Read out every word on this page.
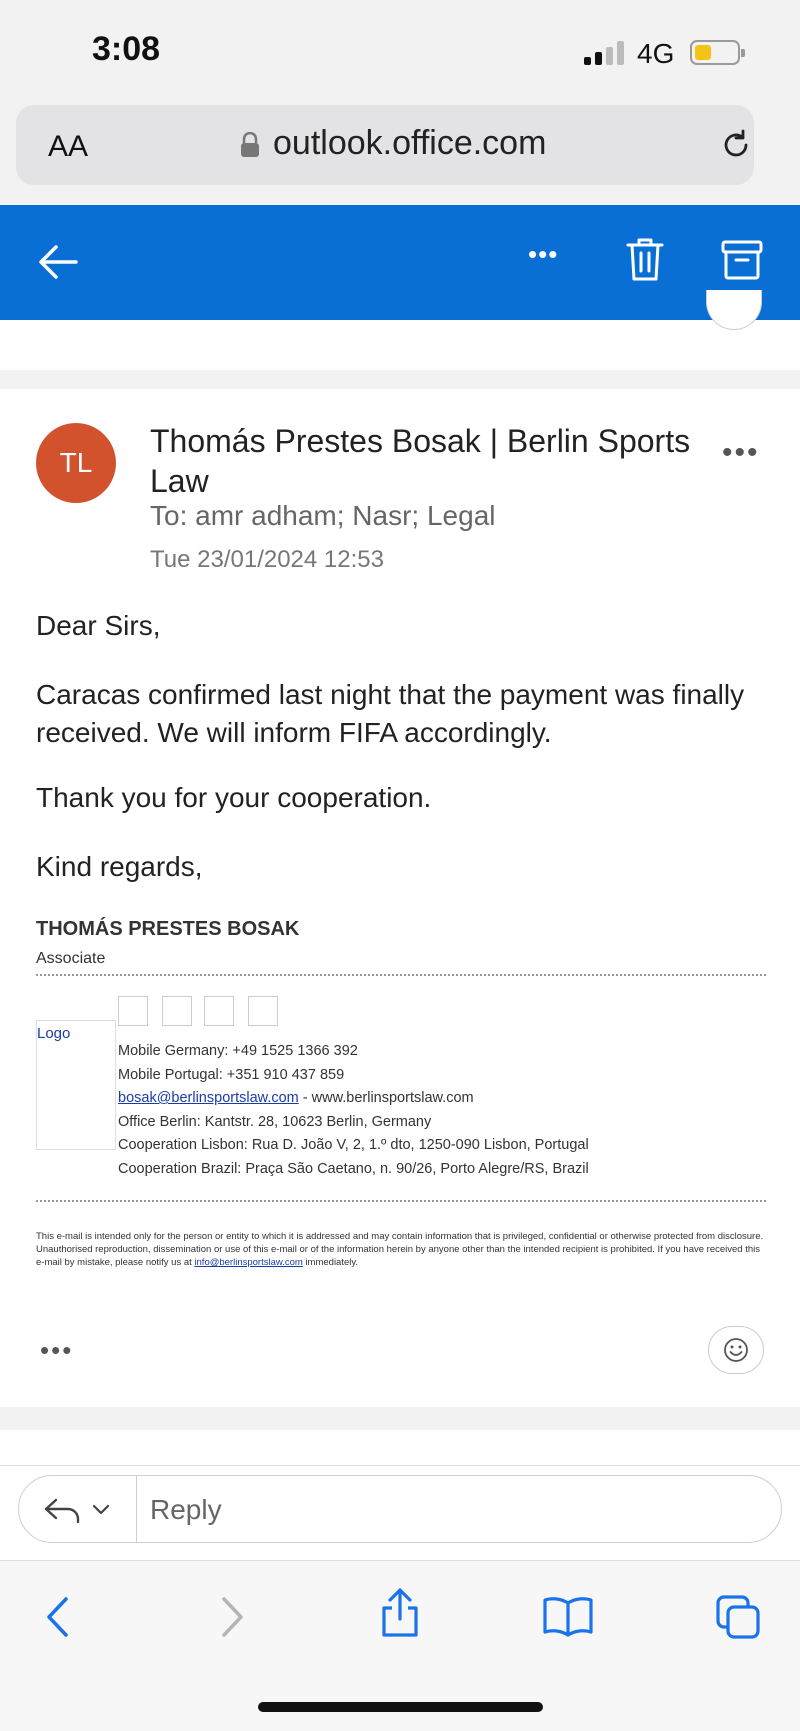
3:08	4G
AA	outlook.office.com
•••
TL
Thomás Prestes Bosak | Berlin Sports Law
•••
To: amr adham; Nasr; Legal
Tue 23/01/2024 12:53
Dear Sirs,
Caracas confirmed last night that the payment was finally received. We will inform FIFA accordingly.
Thank you for your cooperation.
Kind regards,
THOMÁS PRESTES BOSAK
Associate
Logo
Mobile Germany: +49 1525 1366 392
Mobile Portugal: +351 910 437 859
bosak@berlinsportslaw.com - www.berlinsportslaw.com
Office Berlin: Kantstr. 28, 10623 Berlin, Germany
Cooperation Lisbon: Rua D. João V, 2, 1.º dto, 1250-090 Lisbon, Portugal
Cooperation Brazil: Praça São Caetano, n. 90/26, Porto Alegre/RS, Brazil
This e-mail is intended only for the person or entity to which it is addressed and may contain information that is privileged, confidential or otherwise protected from disclosure. Unauthorised reproduction, dissemination or use of this e-mail or of the information herein by anyone other than the intended recipient is prohibited. If you have received this e-mail by mistake, please notify us at info@berlinsportslaw.com immediately.
•••
Reply
